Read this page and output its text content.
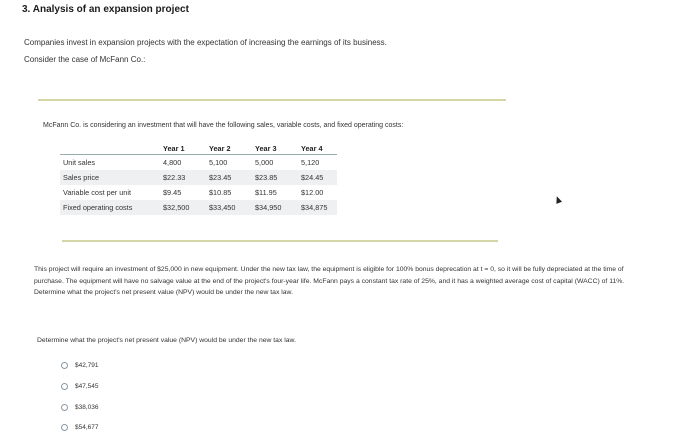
3. Analysis of an expansion project
Companies invest in expansion projects with the expectation of increasing the earnings of its business.
Consider the case of McFann Co.:
McFann Co. is considering an investment that will have the following sales, variable costs, and fixed operating costs:
	Year 1	Year 2	Year 3	Year 4
Unit sales	4,800	5,100	5,000	5,120
Sales price	$22.33	$23.45	$23.85	$24.45
Variable cost per unit	$9.45	$10.85	$11.95	$12.00
Fixed operating costs	$32,500	$33,450	$34,950	$34,875
This project will require an investment of $25,000 in new equipment. Under the new tax law, the equipment is eligible for 100% bonus deprecation at t = 0, so it will be fully depreciated at the time of purchase. The equipment will have no salvage value at the end of the project's four-year life. McFann pays a constant tax rate of 25%, and it has a weighted average cost of capital (WACC) of 11%. Determine what the project's net present value (NPV) would be under the new tax law.
Determine what the project's net present value (NPV) would be under the new tax law.
$42,791
$47,545
$38,036
$54,677
